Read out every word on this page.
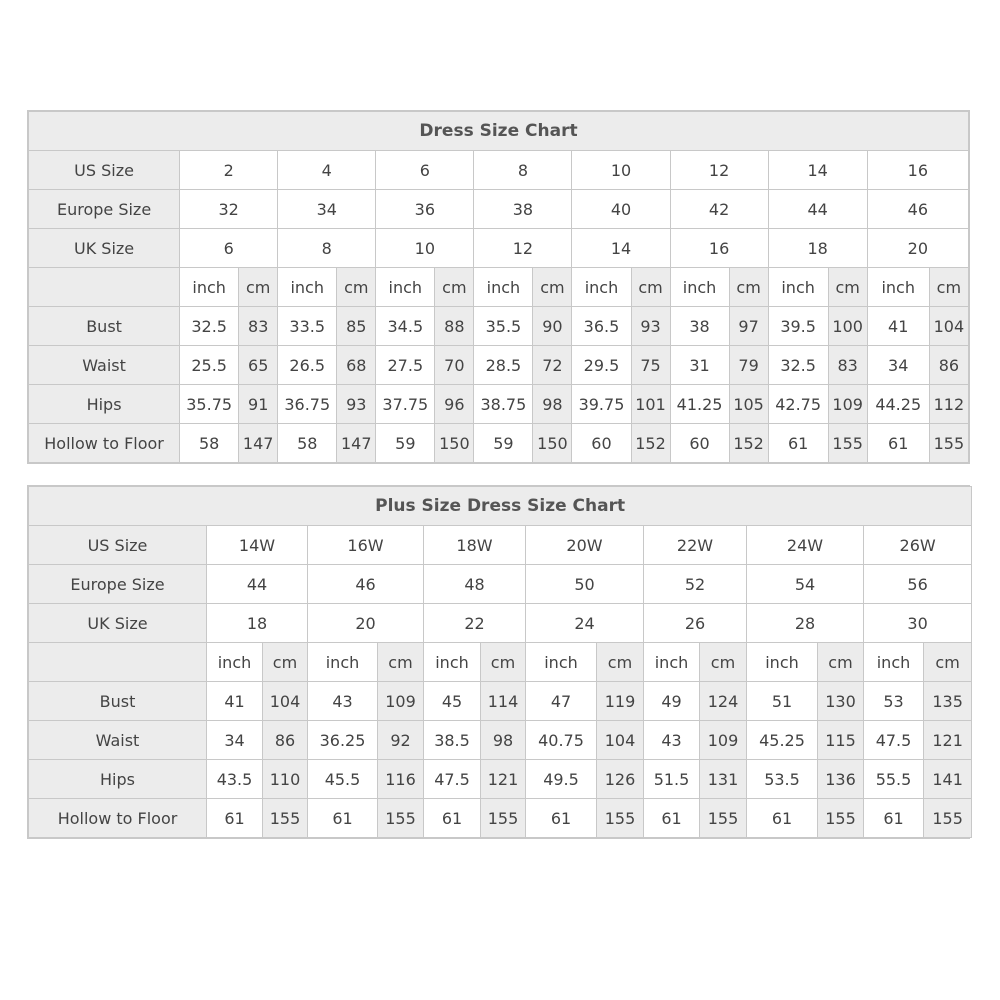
Dress Size Chart																
US Size	2		4		6		8		10		12		14		16	
Europe Size	32		34		36		38		40		42		44		46	
UK Size	6		8		10		12		14		16		18		20	
	inch	cm	inch	cm	inch	cm	inch	cm	inch	cm	inch	cm	inch	cm	inch	cm
Bust	32.5	83	33.5	85	34.5	88	35.5	90	36.5	93	38	97	39.5	100	41	104
Waist	25.5	65	26.5	68	27.5	70	28.5	72	29.5	75	31	79	32.5	83	34	86
Hips	35.75	91	36.75	93	37.75	96	38.75	98	39.75	101	41.25	105	42.75	109	44.25	112
Hollow to Floor	58	147	58	147	59	150	59	150	60	152	60	152	61	155	61	155
Plus Size Dress Size Chart														
US Size	14W		16W		18W		20W		22W		24W		26W	
Europe Size	44		46		48		50		52		54		56	
UK Size	18		20		22		24		26		28		30	
	inch	cm	inch	cm	inch	cm	inch	cm	inch	cm	inch	cm	inch	cm
Bust	41	104	43	109	45	114	47	119	49	124	51	130	53	135
Waist	34	86	36.25	92	38.5	98	40.75	104	43	109	45.25	115	47.5	121
Hips	43.5	110	45.5	116	47.5	121	49.5	126	51.5	131	53.5	136	55.5	141
Hollow to Floor	61	155	61	155	61	155	61	155	61	155	61	155	61	155
